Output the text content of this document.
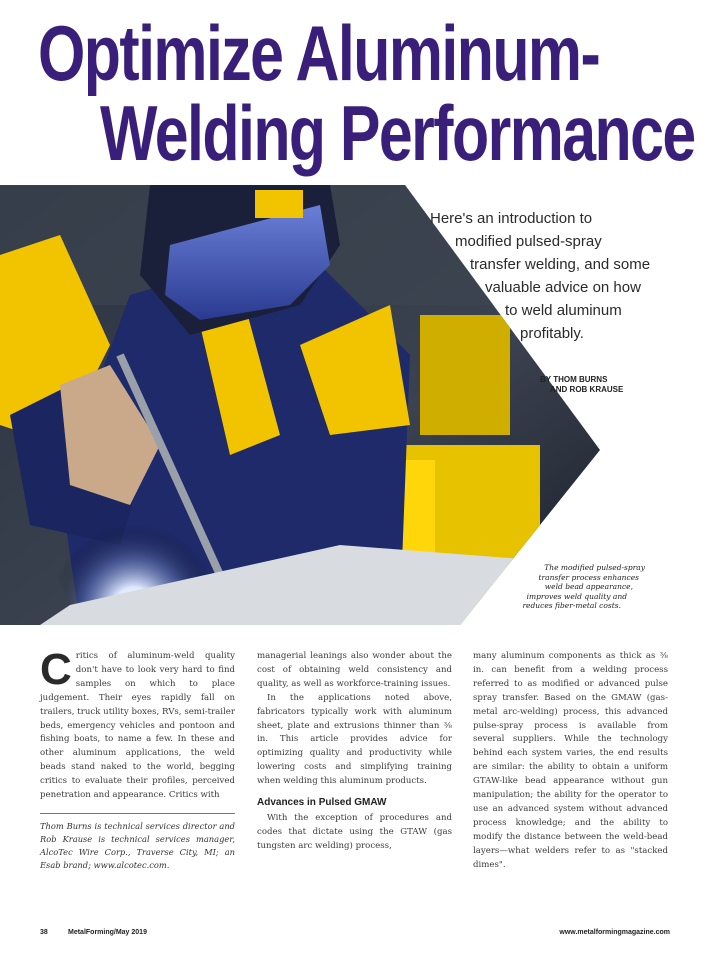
Optimize Aluminum-
Welding Performance
Here's an introduction to
modified pulsed-spray
transfer welding, and some
valuable advice on how
to weld aluminum
profitably.
BY THOM BURNS
AND ROB KRAUSE
The modified pulsed-spray
transfer process enhances
weld bead appearance,
improves weld quality and
reduces fiber-metal costs.

Critics of aluminum-weld quality don't have to look very hard to find samples on which to place judgement. Their eyes rapidly fall on trailers, truck utility boxes, RVs, semi-trailer beds, emergency vehicles and pontoon and fishing boats, to name a few. In these and other aluminum applications, the weld beads stand naked to the world, begging critics to evaluate their profiles, perceived penetration and appearance. Critics with

Thom Burns is technical services director and Rob Krause is technical services manager, AlcoTec Wire Corp., Traverse City, MI; an Esab brand; www.alcotec.com.

managerial leanings also wonder about the cost of obtaining weld consistency and quality, as well as workforce-training issues.

In the applications noted above, fabricators typically work with aluminum sheet, plate and extrusions thinner than ⅜ in. This article provides advice for optimizing quality and productivity while lowering costs and simplifying training when welding this aluminum products.

Advances in Pulsed GMAW

With the exception of procedures and codes that dictate using the GTAW (gas tungsten arc welding) process,

many aluminum components as thick as ⅜ in. can benefit from a welding process referred to as modified or advanced pulse spray transfer. Based on the GMAW (gas-metal arc-welding) process, this advanced pulse-spray process is available from several suppliers. While the technology behind each system varies, the end results are similar: the ability to obtain a uniform GTAW-like bead appearance without gun manipulation; the ability for the operator to use an advanced system without advanced process knowledge; and the ability to modify the distance between the weld-bead layers—what welders refer to as "stacked dimes".

38	MetalForming/May 2019	www.metalformingmagazine.com
